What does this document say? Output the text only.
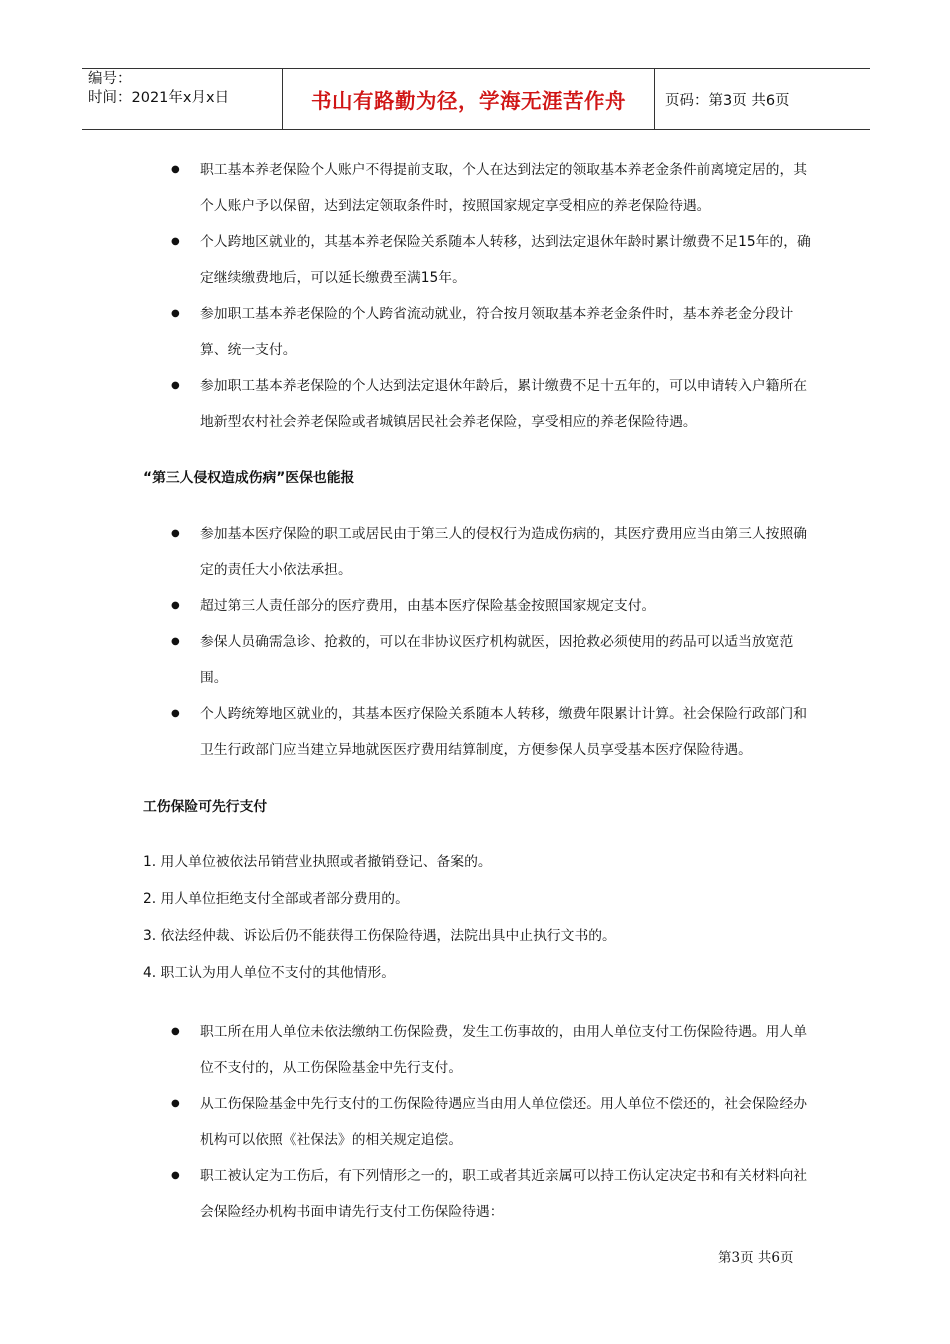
编号：
时间：2021年x月x日	书山有路勤为径，学海无涯苦作舟	页码：第3页 共6页
● 职工基本养老保险个人账户不得提前支取，个人在达到法定的领取基本养老金条件前离境定居的，其个人账户予以保留，达到法定领取条件时，按照国家规定享受相应的养老保险待遇。
● 个人跨地区就业的，其基本养老保险关系随本人转移，达到法定退休年龄时累计缴费不足15年的，确定继续缴费地后，可以延长缴费至满15年。
● 参加职工基本养老保险的个人跨省流动就业，符合按月领取基本养老金条件时，基本养老金分段计算、统一支付。
● 参加职工基本养老保险的个人达到法定退休年龄后，累计缴费不足十五年的，可以申请转入户籍所在地新型农村社会养老保险或者城镇居民社会养老保险，享受相应的养老保险待遇。
“第三人侵权造成伤病”医保也能报
● 参加基本医疗保险的职工或居民由于第三人的侵权行为造成伤病的，其医疗费用应当由第三人按照确定的责任大小依法承担。
● 超过第三人责任部分的医疗费用，由基本医疗保险基金按照国家规定支付。
● 参保人员确需急诊、抢救的，可以在非协议医疗机构就医，因抢救必须使用的药品可以适当放宽范围。
● 个人跨统筹地区就业的，其基本医疗保险关系随本人转移，缴费年限累计计算。社会保险行政部门和卫生行政部门应当建立异地就医医疗费用结算制度，方便参保人员享受基本医疗保险待遇。
工伤保险可先行支付
1. 用人单位被依法吊销营业执照或者撤销登记、备案的。
2. 用人单位拒绝支付全部或者部分费用的。
3. 依法经仲裁、诉讼后仍不能获得工伤保险待遇，法院出具中止执行文书的。
4. 职工认为用人单位不支付的其他情形。
● 职工所在用人单位未依法缴纳工伤保险费，发生工伤事故的，由用人单位支付工伤保险待遇。用人单位不支付的，从工伤保险基金中先行支付。
● 从工伤保险基金中先行支付的工伤保险待遇应当由用人单位偿还。用人单位不偿还的，社会保险经办机构可以依照《社保法》的相关规定追偿。
● 职工被认定为工伤后，有下列情形之一的，职工或者其近亲属可以持工伤认定决定书和有关材料向社会保险经办机构书面申请先行支付工伤保险待遇：
第3页 共6页
